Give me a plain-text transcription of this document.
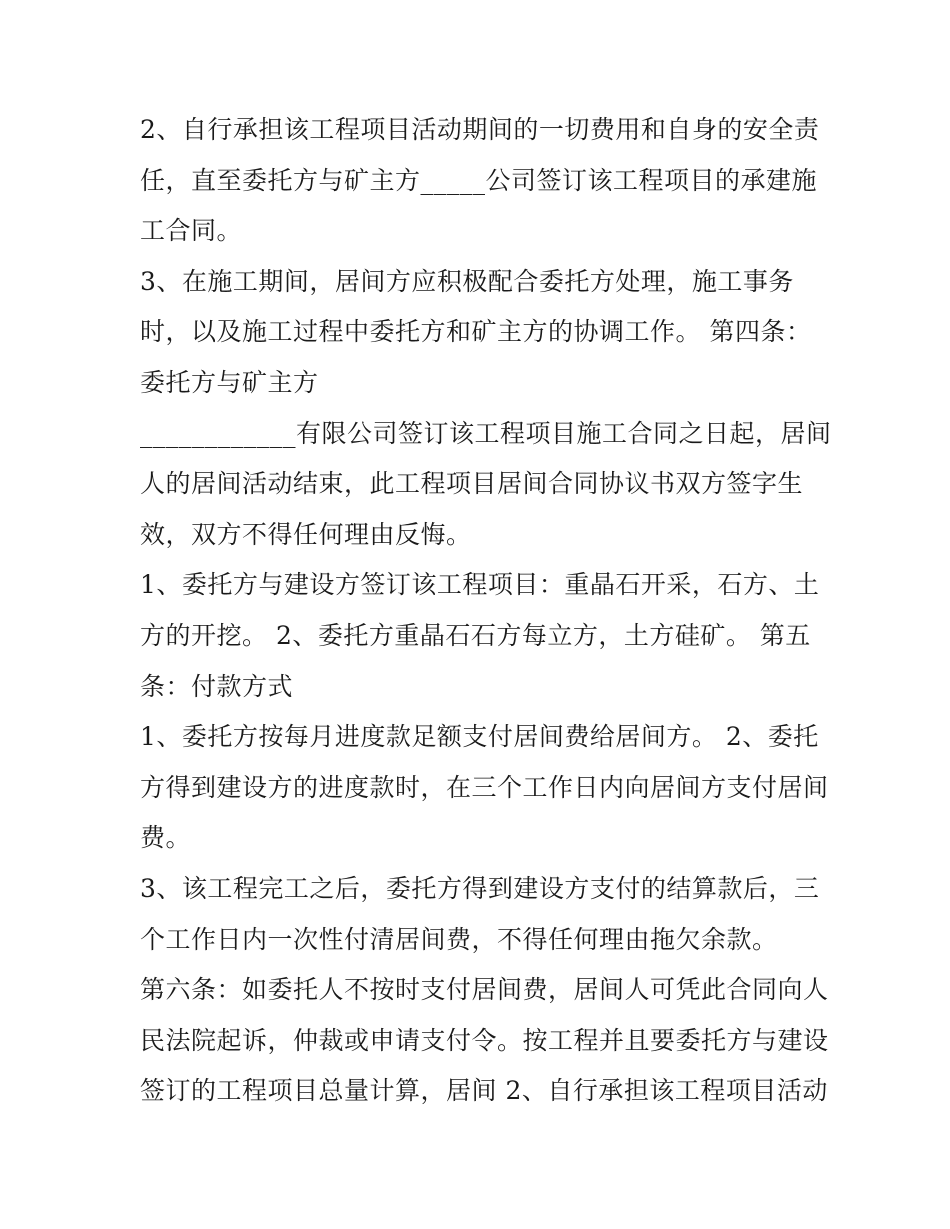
2、自行承担该工程项目活动期间的一切费用和自身的安全责
任，直至委托方与矿主方_____公司签订该工程项目的承建施
工合同。
3、在施工期间，居间方应积极配合委托方处理，施工事务
时，以及施工过程中委托方和矿主方的协调工作。 第四条：
委托方与矿主方
____________有限公司签订该工程项目施工合同之日起，居间
人的居间活动结束，此工程项目居间合同协议书双方签字生
效，双方不得任何理由反悔。
1、委托方与建设方签订该工程项目：重晶石开采，石方、土
方的开挖。 2、委托方重晶石石方每立方，土方硅矿。 第五
条：付款方式
1、委托方按每月进度款足额支付居间费给居间方。 2、委托
方得到建设方的进度款时，在三个工作日内向居间方支付居间
费。
3、该工程完工之后，委托方得到建设方支付的结算款后，三
个工作日内一次性付清居间费，不得任何理由拖欠余款。
第六条：如委托人不按时支付居间费，居间人可凭此合同向人
民法院起诉，仲裁或申请支付令。按工程并且要委托方与建设
签订的工程项目总量计算，居间 2、自行承担该工程项目活动
